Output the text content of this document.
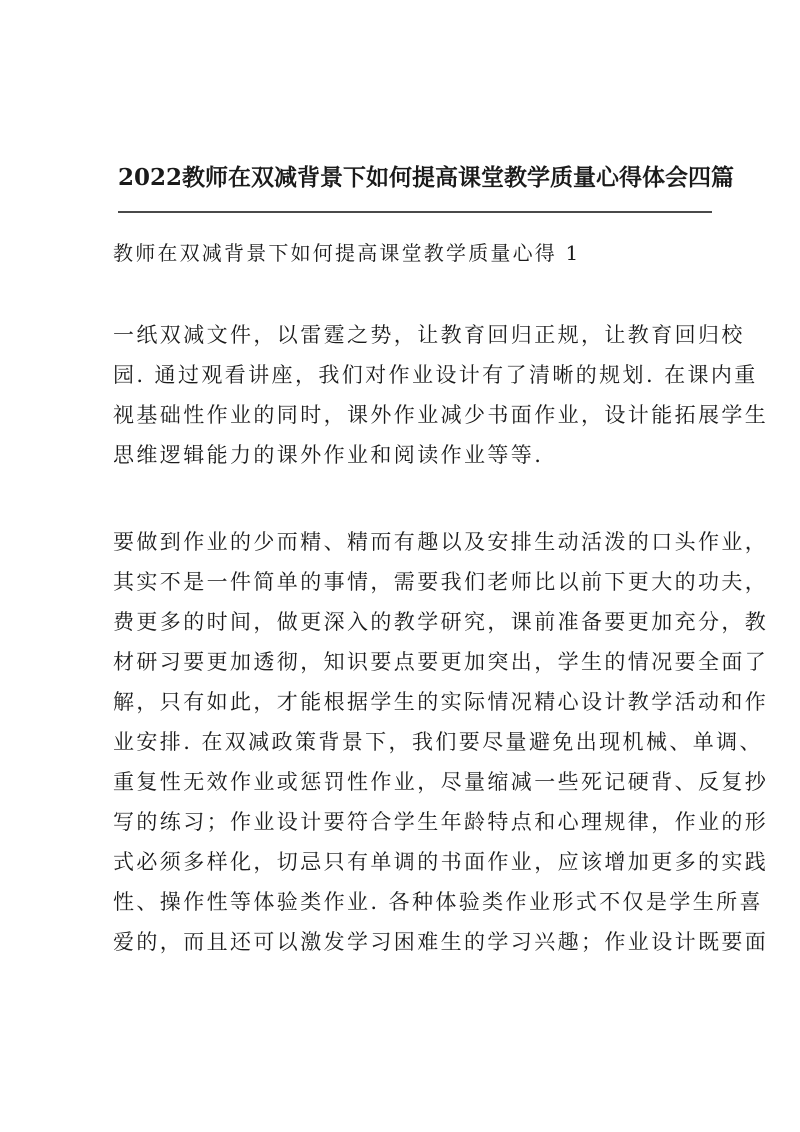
2022教师在双减背景下如何提高课堂教学质量心得体会四篇
教师在双减背景下如何提高课堂教学质量心得 1
一纸双减文件，以雷霆之势，让教育回归正规，让教育回归校
园. 通过观看讲座，我们对作业设计有了清晰的规划. 在课内重
视基础性作业的同时，课外作业减少书面作业，设计能拓展学生
思维逻辑能力的课外作业和阅读作业等等.
要做到作业的少而精、精而有趣以及安排生动活泼的口头作业，
其实不是一件简单的事情，需要我们老师比以前下更大的功夫，
费更多的时间，做更深入的教学研究，课前准备要更加充分，教
材研习要更加透彻，知识要点要更加突出，学生的情况要全面了
解，只有如此，才能根据学生的实际情况精心设计教学活动和作
业安排. 在双减政策背景下，我们要尽量避免出现机械、单调、
重复性无效作业或惩罚性作业，尽量缩减一些死记硬背、反复抄
写的练习；作业设计要符合学生年龄特点和心理规律，作业的形
式必须多样化，切忌只有单调的书面作业，应该增加更多的实践
性、操作性等体验类作业. 各种体验类作业形式不仅是学生所喜
爱的，而且还可以激发学习困难生的学习兴趣；作业设计既要面
